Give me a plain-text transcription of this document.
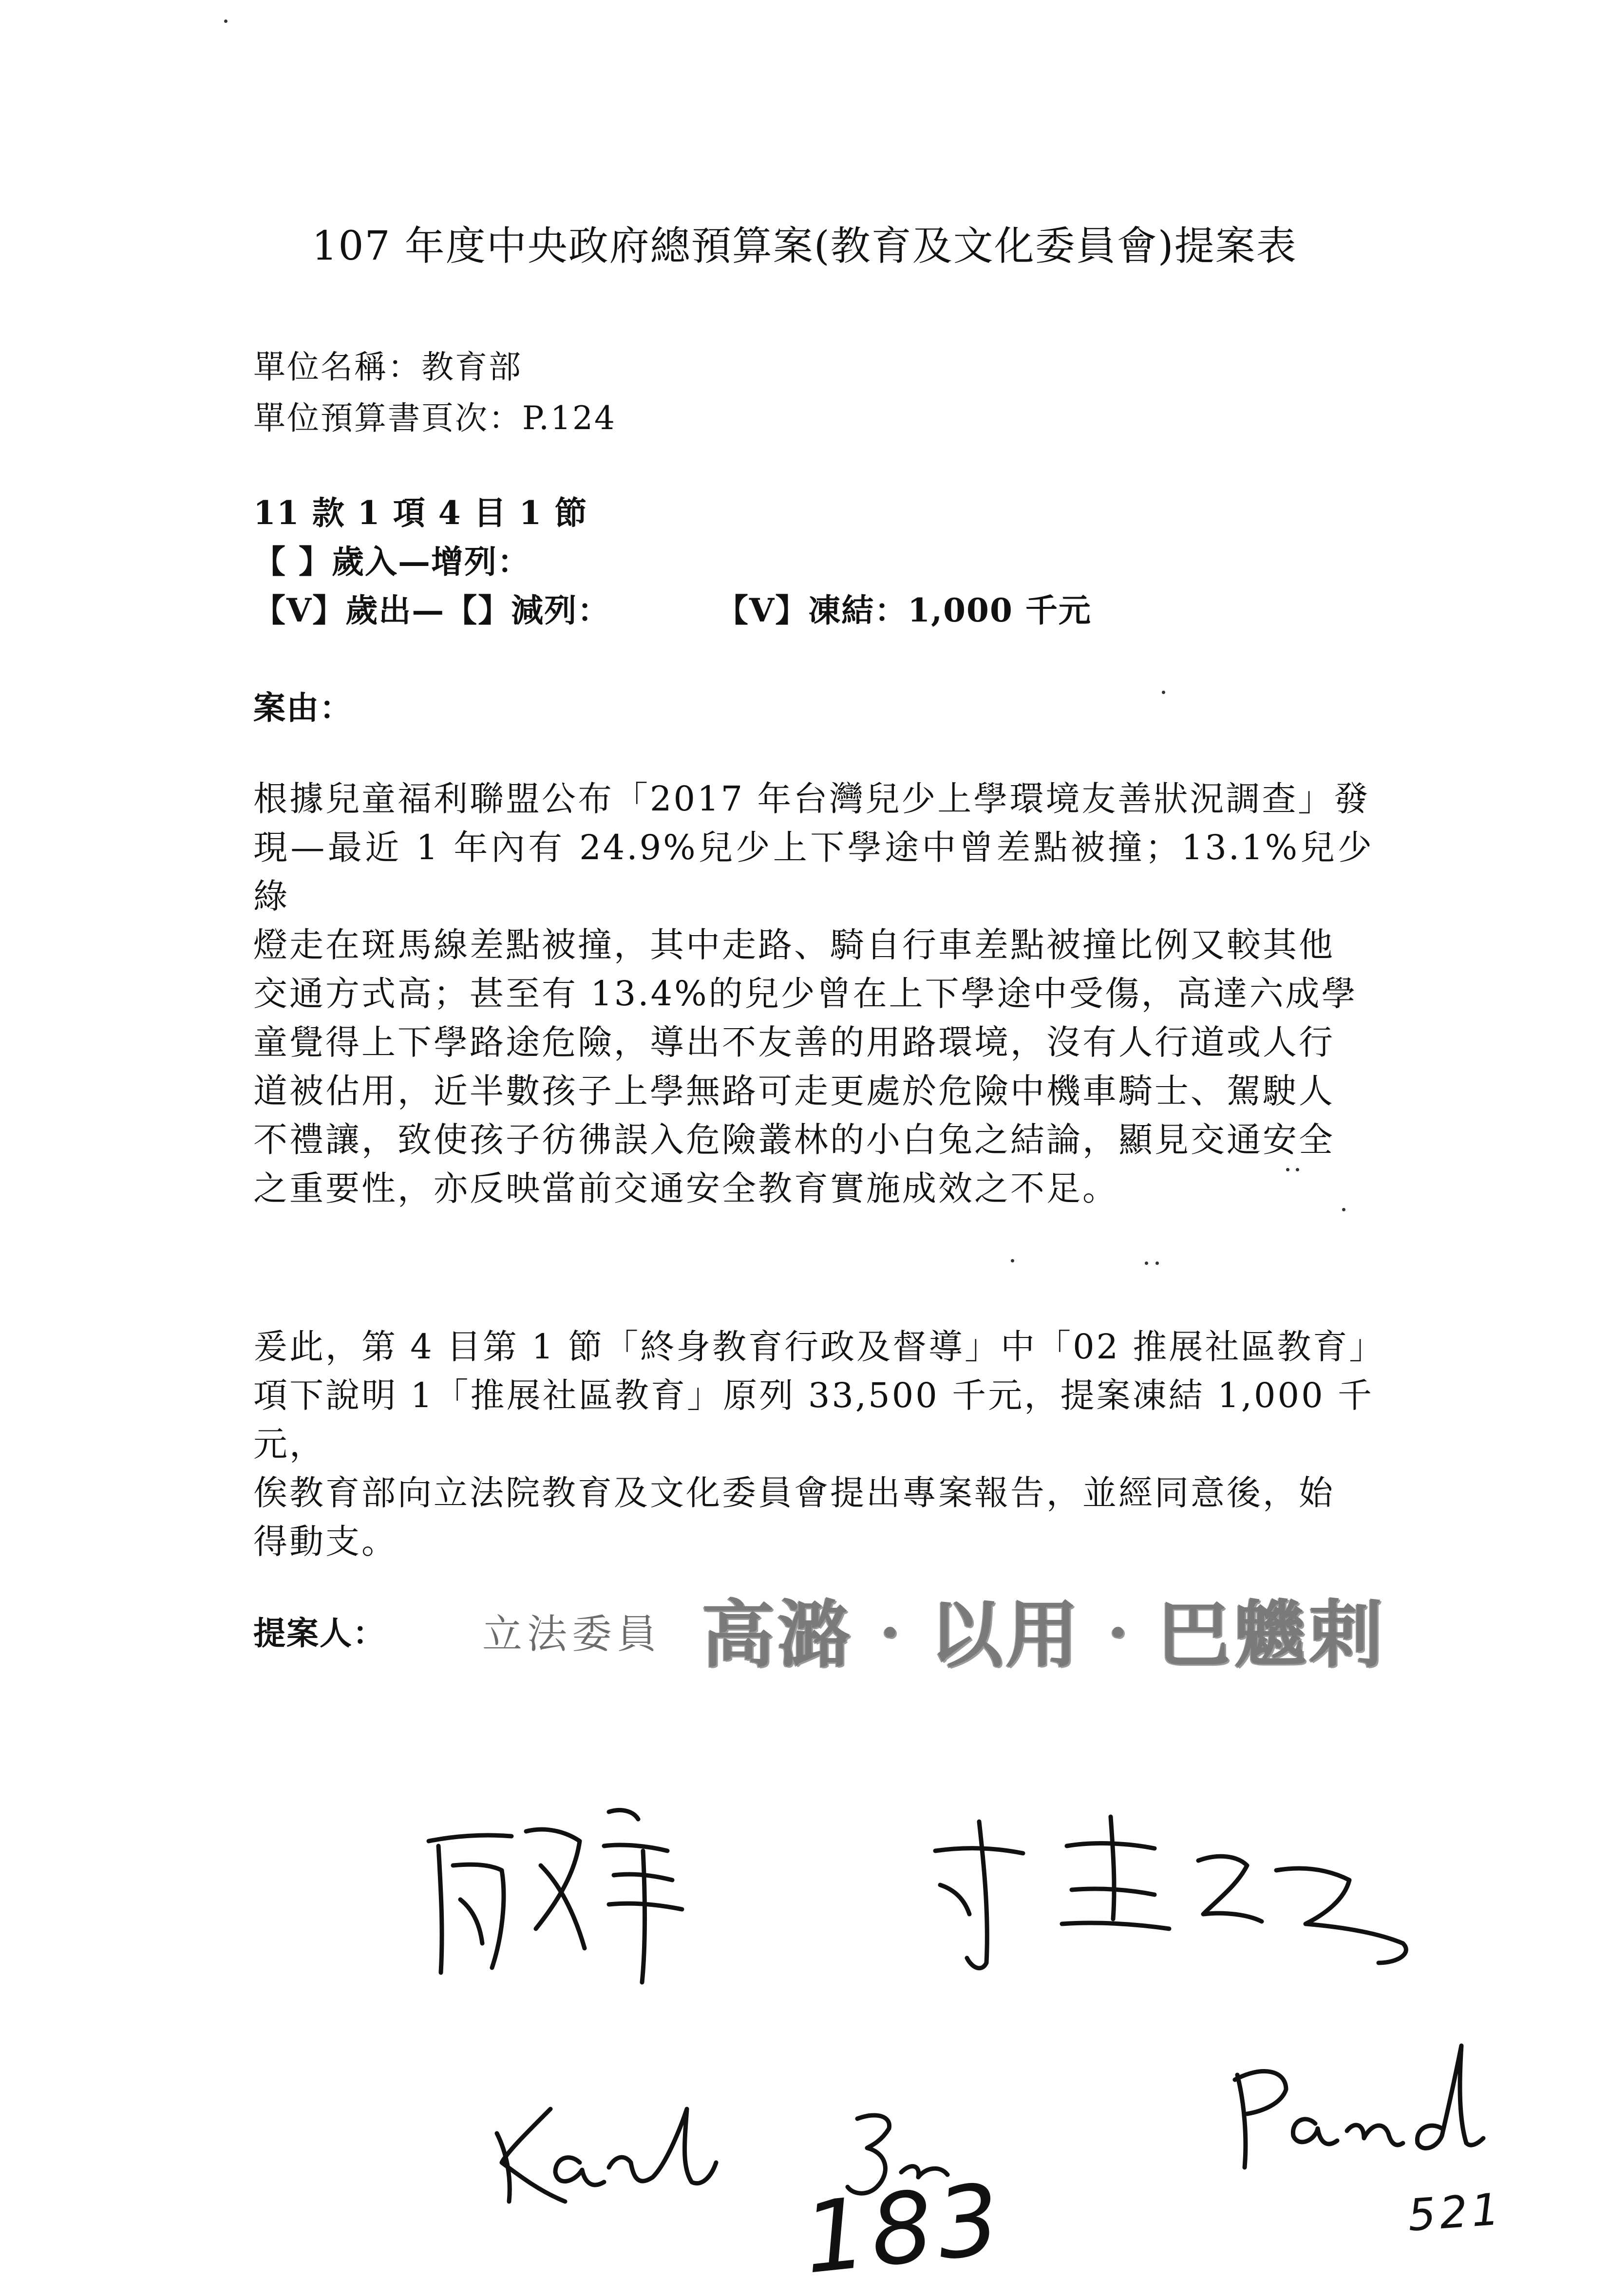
107 年度中央政府總預算案(教育及文化委員會)提案表
單位名稱：教育部
單位預算書頁次：P.124
11 款 1 項 4 目 1 節
【 】歲入—增列：
【V】歲出—【】減列：	【V】凍結：1,000 千元
案由：
根據兒童福利聯盟公布「2017 年台灣兒少上學環境友善狀況調查」發
現—最近 1 年內有 24.9%兒少上下學途中曾差點被撞；13.1%兒少綠
燈走在斑馬線差點被撞，其中走路、騎自行車差點被撞比例又較其他
交通方式高；甚至有 13.4%的兒少曾在上下學途中受傷，高達六成學
童覺得上下學路途危險，導出不友善的用路環境，沒有人行道或人行
道被佔用，近半數孩子上學無路可走更處於危險中機車騎士、駕駛人
不禮讓，致使孩子彷彿誤入危險叢林的小白兔之結論，顯見交通安全
之重要性，亦反映當前交通安全教育實施成效之不足。
爰此，第 4 目第 1 節「終身教育行政及督導」中「02 推展社區教育」
項下說明 1「推展社區教育」原列 33,500 千元，提案凍結 1,000 千元，
俟教育部向立法院教育及文化委員會提出專案報告，並經同意後，始
得動支。
提案人： 立法委員 高潞‧以用‧巴魕剌
183	521
